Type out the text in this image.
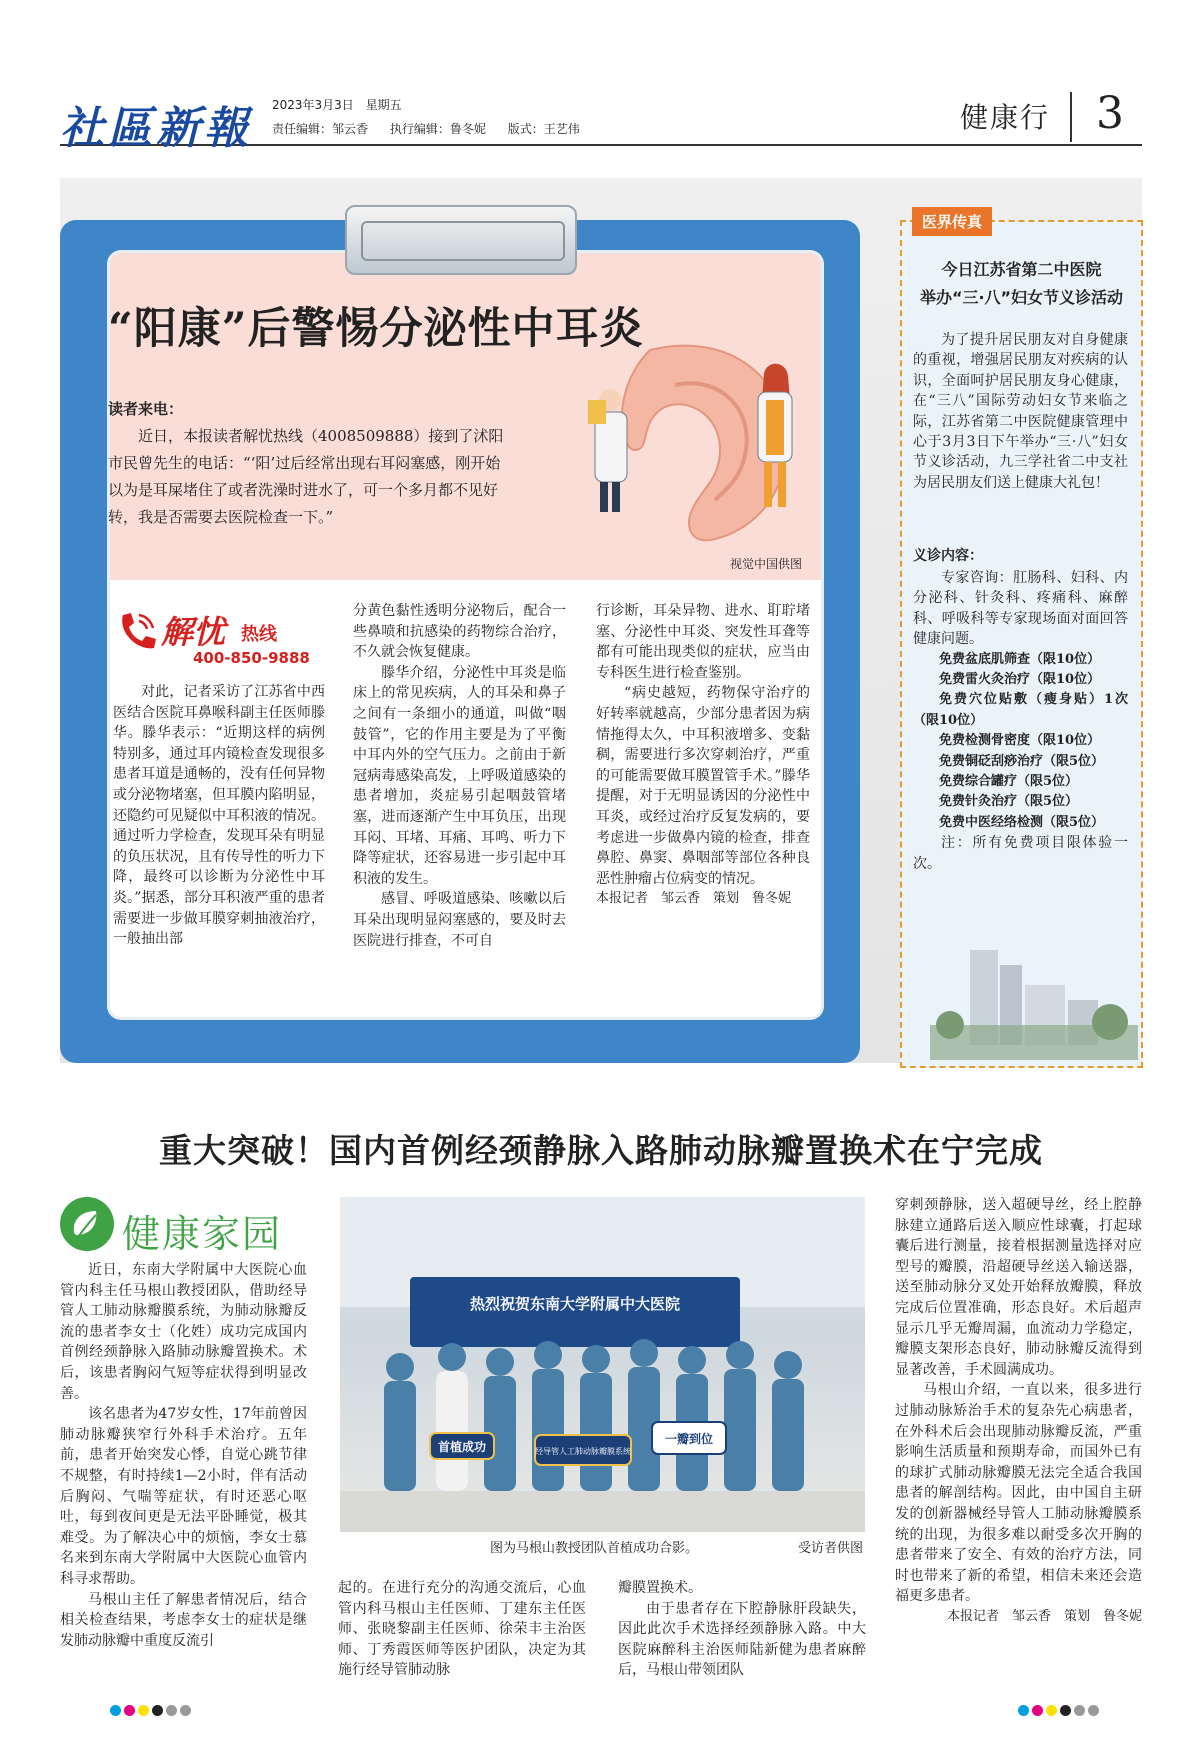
社區新報 2023年3月3日 星期五
责任编辑：邹云香 执行编辑：鲁冬妮 版式：王艺伟	健康行 3
“阳康”后警惕分泌性中耳炎
读者来电：

近日，本报读者解忧热线（4008509888）接到了沭阳市民曾先生的电话：“‘阳’过后经常出现右耳闷塞感，刚开始以为是耳屎堵住了或者洗澡时进水了，可一个多月都不见好转，我是否需要去医院检查一下。”

视觉中国供图
解忧 热线
400-850-9888

对此，记者采访了江苏省中西医结合医院耳鼻喉科副主任医师滕华。滕华表示：“近期这样的病例特别多，通过耳内镜检查发现很多患者耳道是通畅的，没有任何异物或分泌物堵塞，但耳膜内陷明显，还隐约可见疑似中耳积液的情况。通过听力学检查，发现耳朵有明显的负压状况，且有传导性的听力下降，最终可以诊断为分泌性中耳炎。”据悉，部分耳积液严重的患者需要进一步做耳膜穿刺抽液治疗，一般抽出部

分黄色黏性透明分泌物后，配合一些鼻喷和抗感染的药物综合治疗，不久就会恢复健康。

滕华介绍，分泌性中耳炎是临床上的常见疾病，人的耳朵和鼻子之间有一条细小的通道，叫做“咽鼓管”，它的作用主要是为了平衡中耳内外的空气压力。之前由于新冠病毒感染高发，上呼吸道感染的患者增加，炎症易引起咽鼓管堵塞，进而逐渐产生中耳负压，出现耳闷、耳堵、耳痛、耳鸣、听力下降等症状，还容易进一步引起中耳积液的发生。

感冒、呼吸道感染、咳嗽以后耳朵出现明显闷塞感的，要及时去医院进行排查，不可自

行诊断，耳朵异物、进水、耵聍堵塞、分泌性中耳炎、突发性耳聋等都有可能出现类似的症状，应当由专科医生进行检查鉴别。

“病史越短，药物保守治疗的好转率就越高，少部分患者因为病情拖得太久，中耳积液增多、变黏稠，需要进行多次穿刺治疗，严重的可能需要做耳膜置管手术。”滕华提醒，对于无明显诱因的分泌性中耳炎，或经过治疗反复发病的，要考虑进一步做鼻内镜的检查，排查鼻腔、鼻窦、鼻咽部等部位各种良恶性肿瘤占位病变的情况。

本报记者　邹云香　策划　鲁冬妮

医界传真
今日江苏省第二中医院
举办“三·八”妇女节义诊活动

为了提升居民朋友对自身健康的重视，增强居民朋友对疾病的认识，全面呵护居民朋友身心健康，在“三八”国际劳动妇女节来临之际，江苏省第二中医院健康管理中心于3月3日下午举办“三·八”妇女节义诊活动，九三学社省二中支社为居民朋友们送上健康大礼包！

义诊内容：

专家咨询：肛肠科、妇科、内分泌科、针灸科、疼痛科、麻醉科、呼吸科等专家现场面对面回答健康问题。

免费盆底肌筛查（限10位）

免费雷火灸治疗（限10位）

免费穴位贴敷（瘦身贴）1次（限10位）

免费检测骨密度（限10位）

免费铜砭刮痧治疗（限5位）

免费综合罐疗（限5位）

免费针灸治疗（限5位）

免费中医经络检测（限5位）

注：所有免费项目限体验一次。

重大突破！国内首例经颈静脉入路肺动脉瓣置换术在宁完成
健康家园

近日，东南大学附属中大医院心血管内科主任马根山教授团队，借助经导管人工肺动脉瓣膜系统，为肺动脉瓣反流的患者李女士（化姓）成功完成国内首例经颈静脉入路肺动脉瓣置换术。术后，该患者胸闷气短等症状得到明显改善。

该名患者为47岁女性，17年前曾因肺动脉瓣狭窄行外科手术治疗。五年前，患者开始突发心悸，自觉心跳节律不规整，有时持续1—2小时，伴有活动后胸闷、气喘等症状，有时还恶心呕吐，每到夜间更是无法平卧睡觉，极其难受。为了解决心中的烦恼，李女士慕名来到东南大学附属中大医院心血管内科寻求帮助。

马根山主任了解患者情况后，结合相关检查结果，考虑李女士的症状是继发肺动脉瓣中重度反流引

热烈祝贺东南大学附属中大医院
首植成功	经导管人工肺动脉瓣膜系统
一瓣到位
图为马根山教授团队首植成功合影。	受访者供图

起的。在进行充分的沟通交流后，心血管内科马根山主任医师、丁建东主任医师、张晓黎副主任医师、徐荣丰主治医师、丁秀霞医师等医护团队，决定为其施行经导管肺动脉

瓣膜置换术。

由于患者存在下腔静脉肝段缺失，因此此次手术选择经颈静脉入路。中大医院麻醉科主治医师陆新健为患者麻醉后，马根山带领团队

穿刺颈静脉，送入超硬导丝，经上腔静脉建立通路后送入顺应性球囊，打起球囊后进行测量，接着根据测量选择对应型号的瓣膜，沿超硬导丝送入输送器，送至肺动脉分叉处开始释放瓣膜，释放完成后位置准确，形态良好。术后超声显示几乎无瓣周漏，血流动力学稳定，瓣膜支架形态良好，肺动脉瓣反流得到显著改善，手术圆满成功。

马根山介绍，一直以来，很多进行过肺动脉矫治手术的复杂先心病患者，在外科术后会出现肺动脉瓣反流，严重影响生活质量和预期寿命，而国外已有的球扩式肺动脉瓣膜无法完全适合我国患者的解剖结构。因此，由中国自主研发的创新器械经导管人工肺动脉瓣膜系统的出现，为很多难以耐受多次开胸的患者带来了安全、有效的治疗方法，同时也带来了新的希望，相信未来还会造福更多患者。

本报记者　邹云香　策划　鲁冬妮
